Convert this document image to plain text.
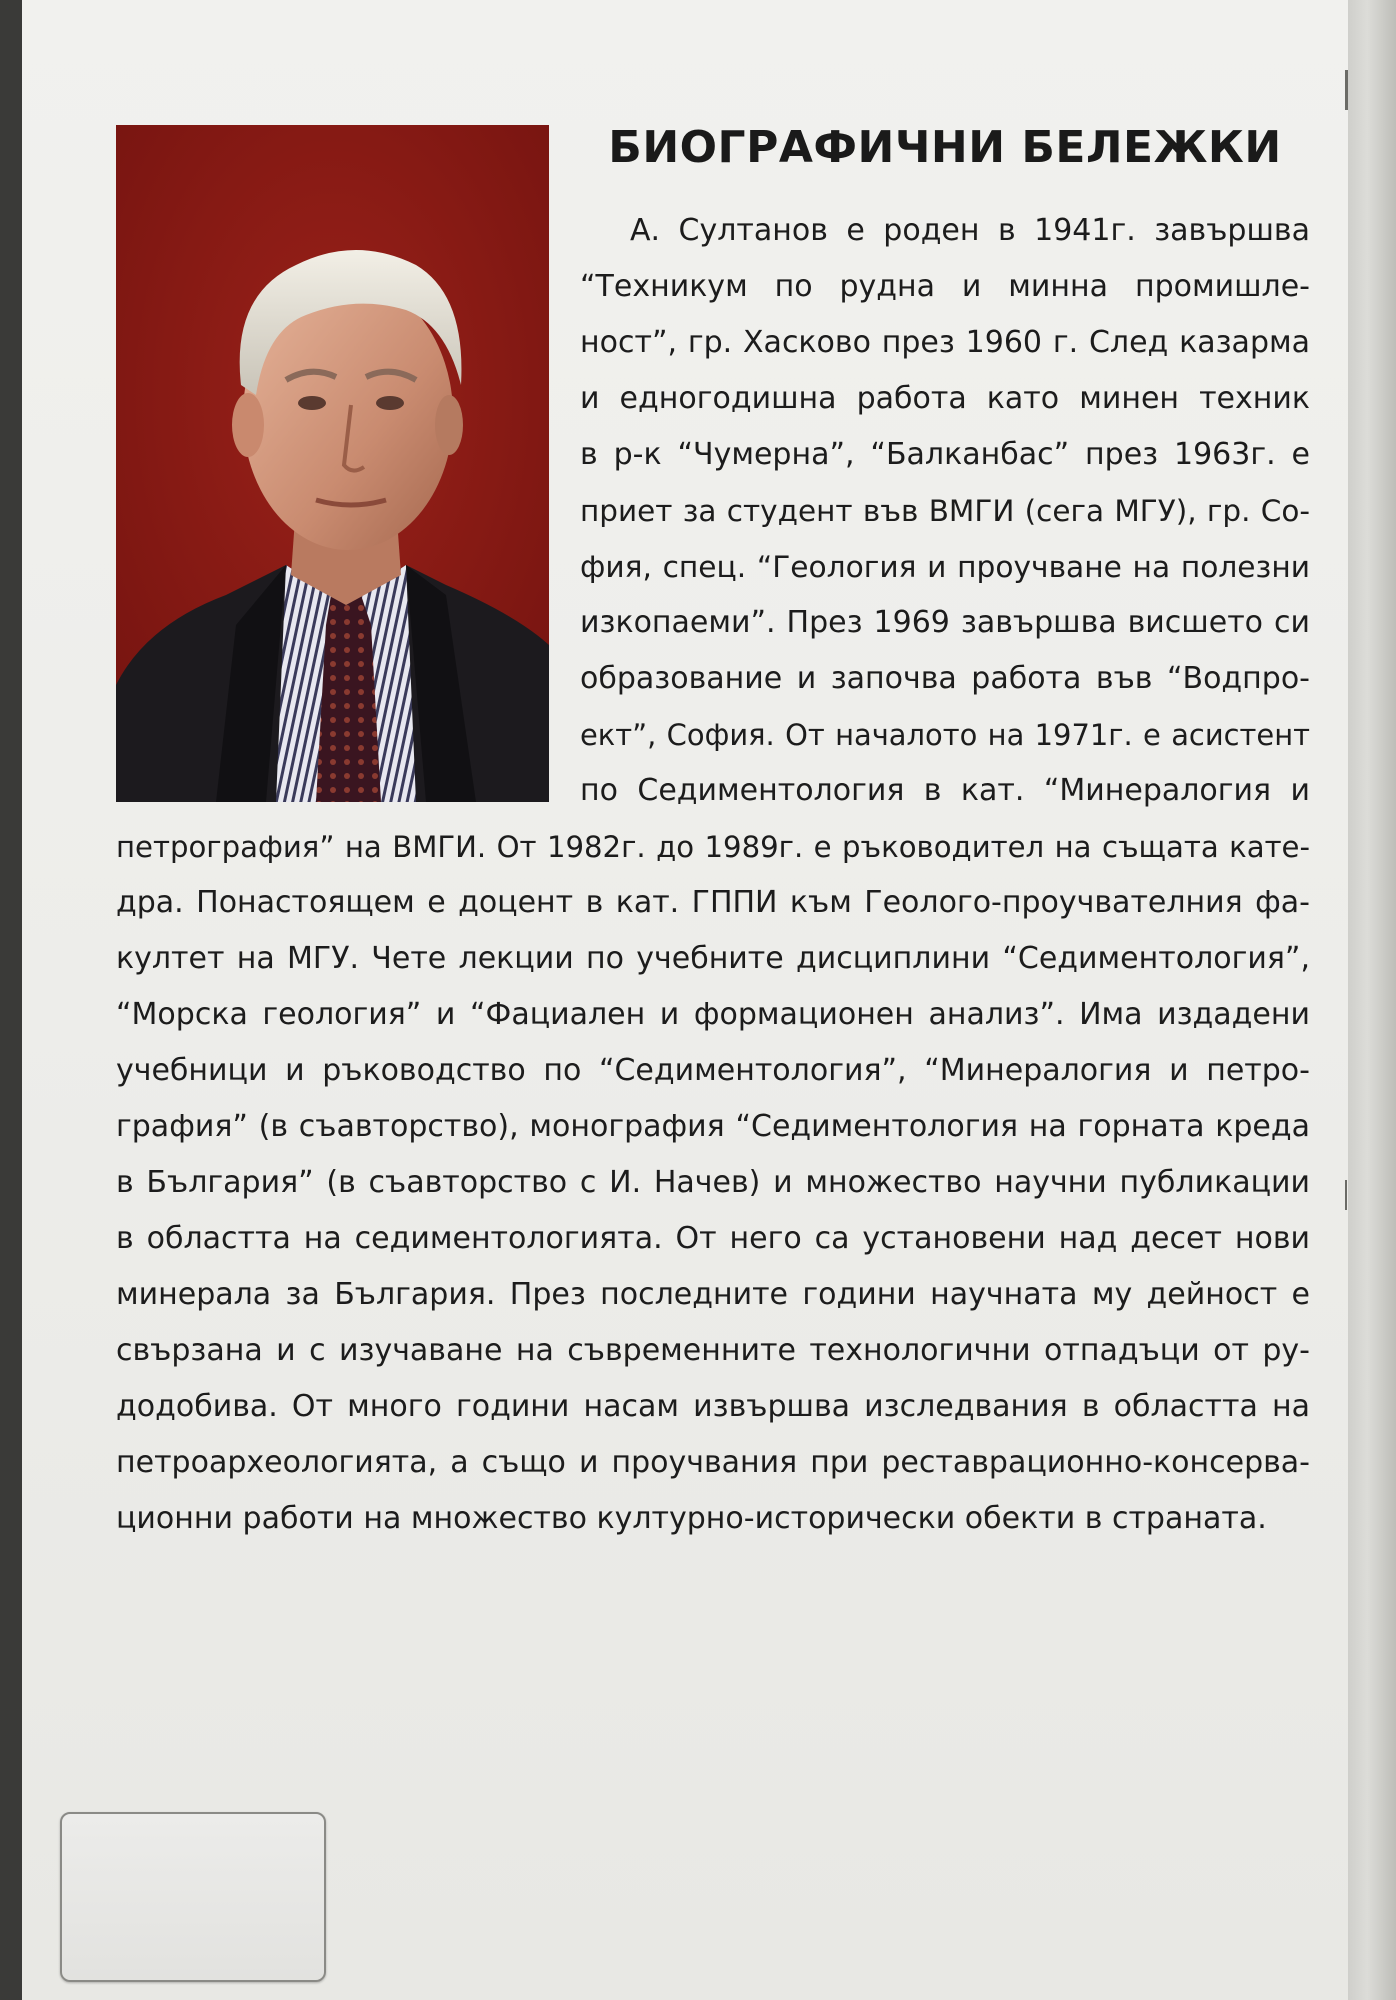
БИОГРАФИЧНИ БЕЛЕЖКИ
А. Султанов е роден в 1941г. завършва
“Техникум по рудна и минна промишле-
ност”, гр. Хасково през 1960 г. След казарма
и едногодишна работа като минен техник
в р-к “Чумерна”, “Балканбас” през 1963г. е
приет за студент във ВМГИ (сега МГУ), гр. Со-
фия, спец. “Геология и проучване на полезни
изкопаеми”. През 1969 завършва висшето си
образование и започва работа във “Водпро-
ект”, София. От началото на 1971г. е асистент
по Седиментология в кат. “Минералогия и
петрография” на ВМГИ. От 1982г. до 1989г. е ръководител на същата кате-
дра. Понастоящем е доцент в кат. ГППИ към Геолого-проучвателния фа-
култет на МГУ. Чете лекции по учебните дисциплини “Седиментология”,
“Морска геология” и “Фациален и формационен анализ”. Има издадени
учебници и ръководство по “Седиментология”, “Минералогия и петро-
графия” (в съавторство), монография “Седиментология на горната креда
в България” (в съавторство с И. Начев) и множество научни публикации
в областта на седиментологията. От него са установени над десет нови
минерала за България. През последните години научната му дейност е
свързана и с изучаване на съвременните технологични отпадъци от ру-
додобива. От много години насам извършва изследвания в областта на
петроархеологията, а също и проучвания при реставрационно-консерва-
ционни работи на множество културно-исторически обекти в страната.
